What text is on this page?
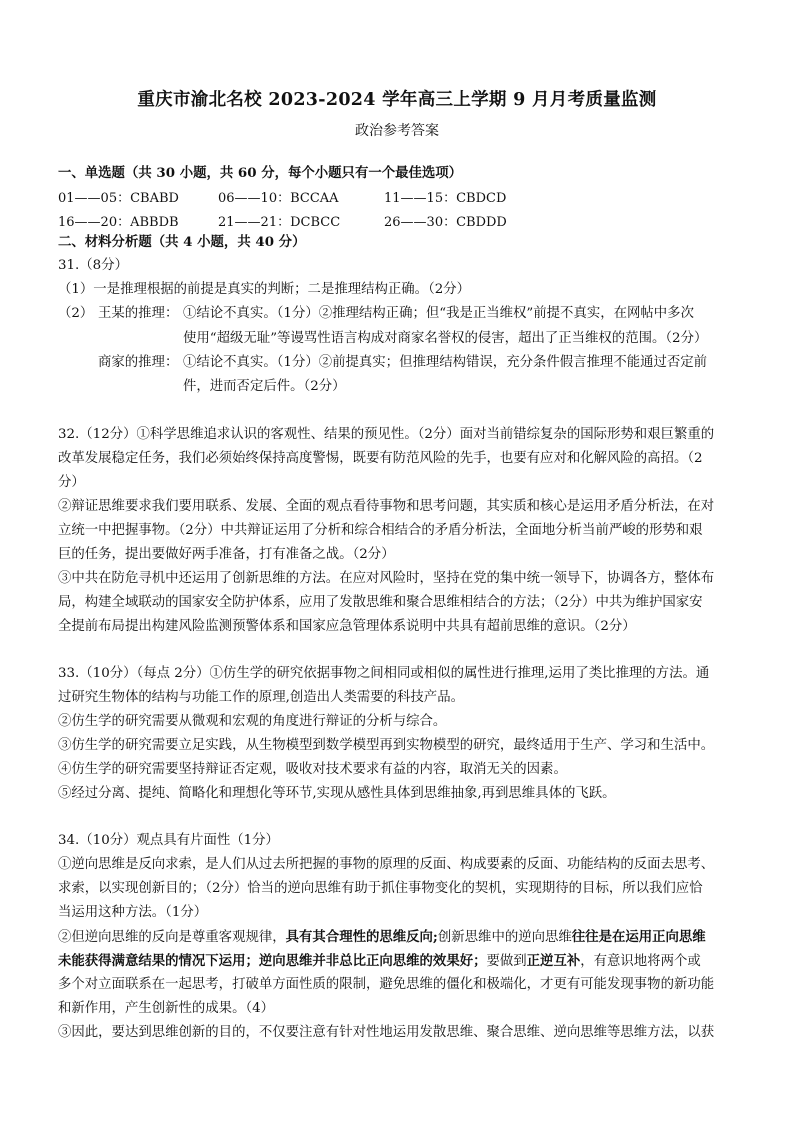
重庆市渝北名校 2023-2024 学年高三上学期 9 月月考质量监测
政治参考答案
一、单选题（共 30 小题，共 60 分，每个小题只有一个最佳选项）
01——05：CBABD	06——10：BCCAA	11——15：CBDCD
16——20：ABBDB	21——21：DCBCC	26——30：CBDDD
二、材料分析题（共 4 小题，共 40 分）
31.（8分）
（1）一是推理根据的前提是真实的判断；二是推理结构正确。（2分）
（2） 王某的推理： ①结论不真实。（1分）②推理结构正确；但“我是正当维权”前提不真实，在网帖中多次
使用“超级无耻”等谩骂性语言构成对商家名誉权的侵害，超出了正当维权的范围。（2分）
商家的推理： ①结论不真实。（1分）②前提真实；但推理结构错误，充分条件假言推理不能通过否定前
件，进而否定后件。（2分）
32.（12分）①科学思维追求认识的客观性、结果的预见性。（2分）面对当前错综复杂的国际形势和艰巨繁重的
改革发展稳定任务，我们必须始终保持高度警惕，既要有防范风险的先手，也要有应对和化解风险的高招。（2
分）
②辩证思维要求我们要用联系、发展、全面的观点看待事物和思考问题，其实质和核心是运用矛盾分析法，在对
立统一中把握事物。（2分）中共辩证运用了分析和综合相结合的矛盾分析法，全面地分析当前严峻的形势和艰
巨的任务，提出要做好两手准备，打有准备之战。（2分）
③中共在防危寻机中还运用了创新思维的方法。在应对风险时，坚持在党的集中统一领导下，协调各方，整体布
局，构建全域联动的国家安全防护体系，应用了发散思维和聚合思维相结合的方法；（2分）中共为维护国家安
全提前布局提出构建风险监测预警体系和国家应急管理体系说明中共具有超前思维的意识。（2分）
33.（10分）（每点 2分）①仿生学的研究依据事物之间相同或相似的属性进行推理,运用了类比推理的方法。通
过研究生物体的结构与功能工作的原理,创造出人类需要的科技产品。
②仿生学的研究需要从微观和宏观的角度进行辩证的分析与综合。
③仿生学的研究需要立足实践，从生物模型到数学模型再到实物模型的研究，最终适用于生产、学习和生活中。
④仿生学的研究需要坚持辩证否定观，吸收对技术要求有益的内容，取消无关的因素。
⑤经过分离、提纯、简略化和理想化等环节,实现从感性具体到思维抽象,再到思维具体的飞跃。
34.（10分）观点具有片面性（1分）
①逆向思维是反向求索，是人们从过去所把握的事物的原理的反面、构成要素的反面、功能结构的反面去思考、
求索，以实现创新目的；（2分）恰当的逆向思维有助于抓住事物变化的契机，实现期待的目标，所以我们应恰
当运用这种方法。（1分）
②但逆向思维的反向是尊重客观规律，具有其合理性的思维反向;创新思维中的逆向思维往往是在运用正向思维
未能获得满意结果的情况下运用；逆向思维并非总比正向思维的效果好；要做到正逆互补，有意识地将两个或
多个对立面联系在一起思考，打破单方面性质的限制，避免思维的僵化和极端化，才更有可能发现事物的新功能
和新作用，产生创新性的成果。（4）
③因此，要达到思维创新的目的，不仅要注意有针对性地运用发散思维、聚合思维、逆向思维等思维方法，以获
